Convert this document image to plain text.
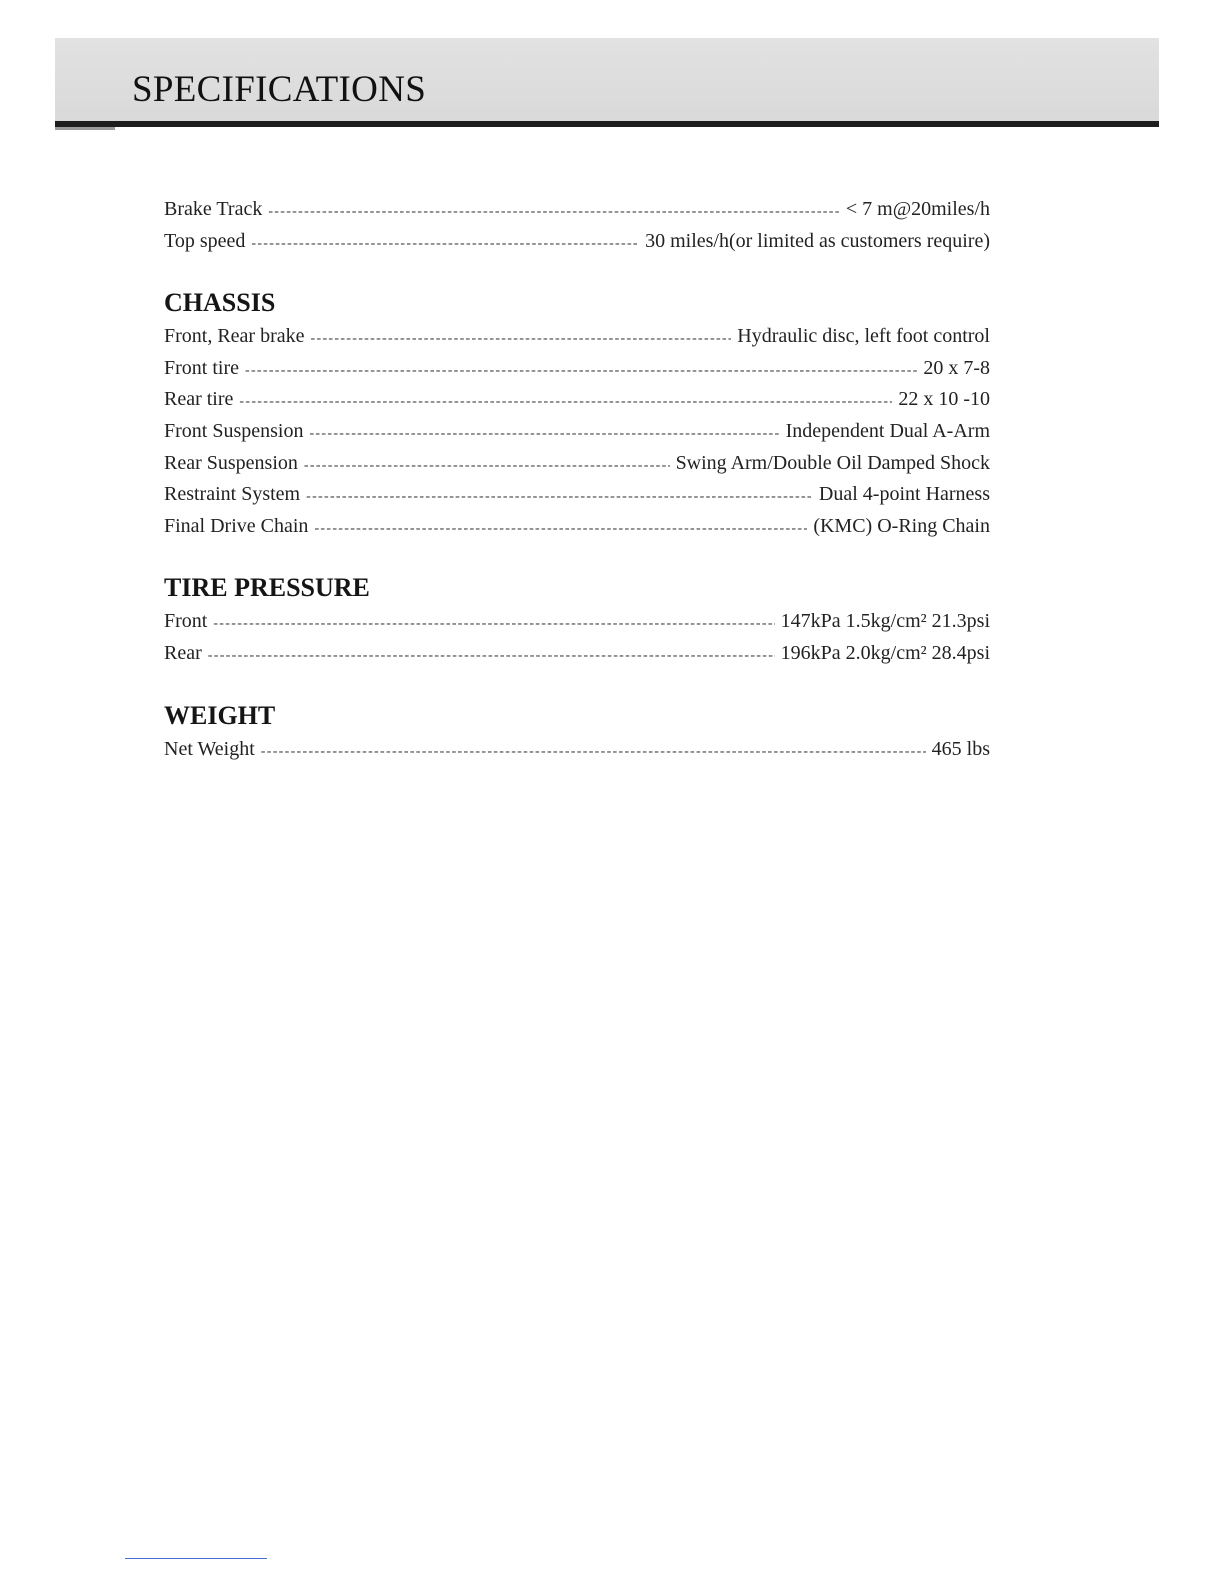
SPECIFICATIONS
Brake Track -----	< 7 m@20miles/h
Top speed -----	30 miles/h(or limited as customers require)
CHASSIS
Front, Rear brake -----	Hydraulic disc, left foot control
Front tire -----	20 x 7-8
Rear tire -----	22 x 10 -10
Front Suspension -----	Independent Dual A-Arm
Rear Suspension -----	Swing Arm/Double Oil Damped Shock
Restraint System -----	Dual 4-point Harness
Final Drive Chain -----	(KMC) O-Ring Chain
TIRE PRESSURE
Front -----	147kPa 1.5kg/cm² 21.3psi
Rear -----	196kPa 2.0kg/cm² 28.4psi
WEIGHT
Net Weight -----	465 lbs
